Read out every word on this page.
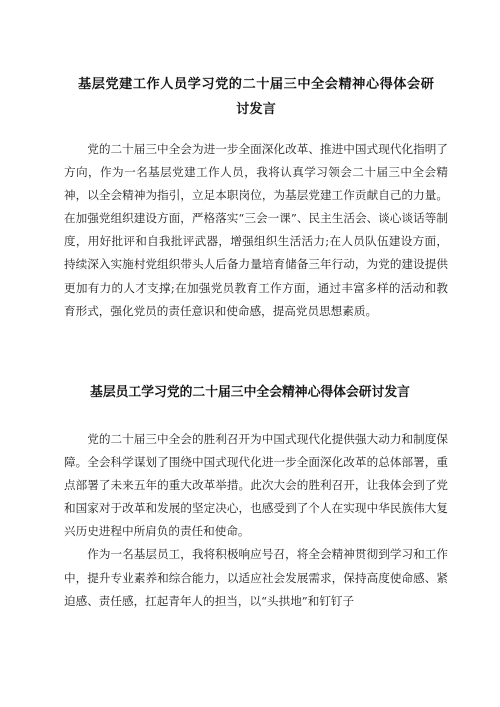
基层党建工作人员学习党的二十届三中全会精神心得体会研讨发言
党的二十届三中全会为进一步全面深化改革、推进中国式现代化指明了方向，作为一名基层党建工作人员，我将认真学习领会二十届三中全会精神，以全会精神为指引，立足本职岗位，为基层党建工作贡献自己的力量。在加强党组织建设方面，严格落实“三会一课”、民主生活会、谈心谈话等制度，用好批评和自我批评武器，增强组织生活活力;在人员队伍建设方面，持续深入实施村党组织带头人后备力量培育储备三年行动，为党的建设提供更加有力的人才支撑;在加强党员教育工作方面，通过丰富多样的活动和教育形式，强化党员的责任意识和使命感，提高党员思想素质。
基层员工学习党的二十届三中全会精神心得体会研讨发言

党的二十届三中全会的胜利召开为中国式现代化提供强大动力和制度保障。全会科学谋划了围绕中国式现代化进一步全面深化改革的总体部署，重点部署了未来五年的重大改革举措。此次大会的胜利召开，让我体会到了党和国家对于改革和发展的坚定决心，也感受到了个人在实现中华民族伟大复兴历史进程中所肩负的责任和使命。

作为一名基层员工，我将积极响应号召，将全会精神贯彻到学习和工作中，提升专业素养和综合能力，以适应社会发展需求，保持高度使命感、紧迫感、责任感，扛起青年人的担当，以“头拱地”和钉钉子
